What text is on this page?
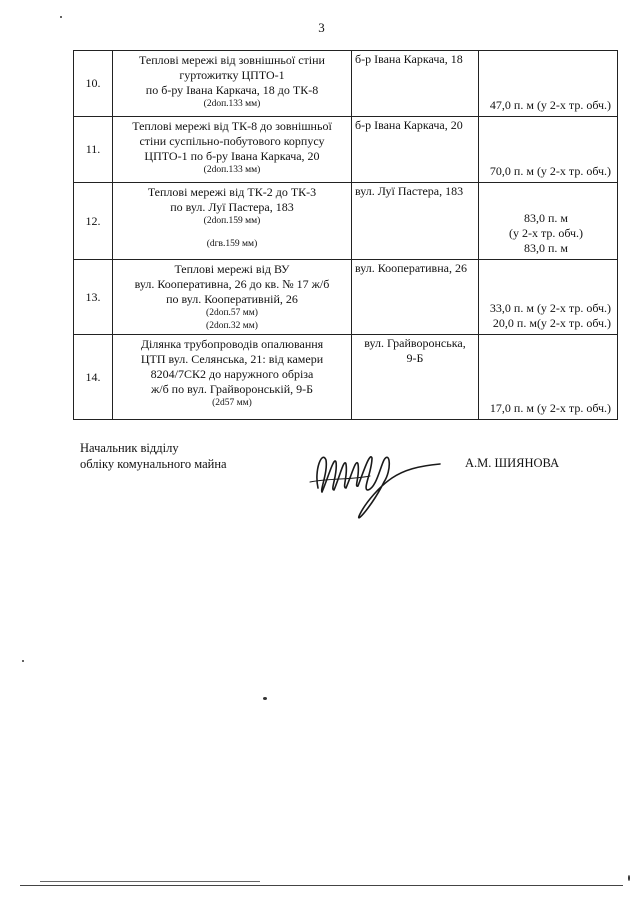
3
10.	Теплові мережі від зовнішньої стіни
гуртожитку ЦПТО-1
по б-ру Івана Каркача, 18 до ТК-8
(2dоп.133 мм)	б-р Івана Каркача, 18	47,0 п. м (у 2-х тр. обч.)
11.	Теплові мережі від ТК-8 до зовнішньої
стіни суспільно-побутового корпусу
ЦПТО-1 по б-ру Івана Каркача, 20
(2dоп.133 мм)	б-р Івана Каркача, 20	70,0 п. м (у 2-х тр. обч.)
12.	Теплові мережі від ТК-2 до ТК-3
по вул. Луї Пастера, 183
(2dоп.159 мм)
(dгв.159 мм)	вул. Луї Пастера, 183	83,0 п. м
(у 2-х тр. обч.)
83,0 п. м

13.	Теплові мережі від ВУ
вул. Кооперативна, 26 до кв. № 17 ж/б
по вул. Кооперативній, 26
(2dоп.57 мм)
(2dоп.32 мм)	вул. Кооперативна, 26	33,0 п. м (у 2-х тр. обч.)
20,0 п. м(у 2-х тр. обч.)
14.	Ділянка трубопроводів опалювання
ЦТП вул. Селянська, 21: від камери
8204/7СК2 до наружного обріза
ж/б по вул. Грайворонській, 9-Б
(2d57 мм)	вул. Грайворонська,
9-Б	17,0 п. м (у 2-х тр. обч.)
Начальник відділу
обліку комунального майна	А.М. ШИЯНОВА
